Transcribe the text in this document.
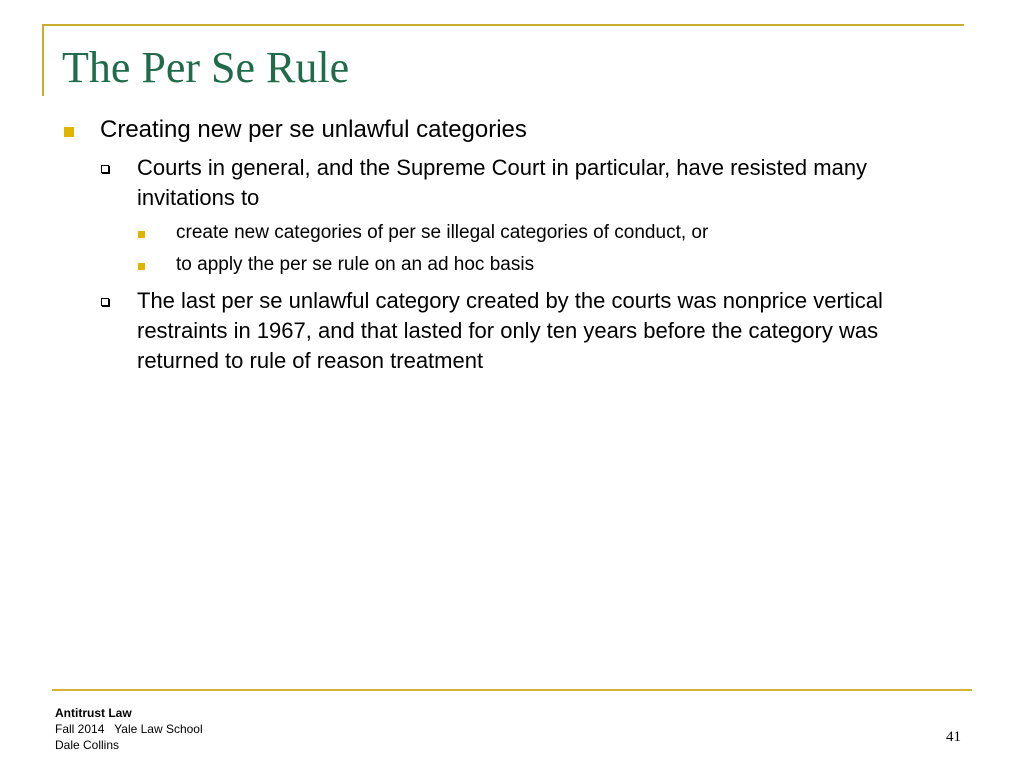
The Per Se Rule
Creating new per se unlawful categories
Courts in general, and the Supreme Court in particular, have resisted many invitations to
create new categories of per se illegal categories of conduct, or
to apply the per se rule on an ad hoc basis
The last per se unlawful category created by the courts was nonprice vertical restraints in 1967, and that lasted for only ten years before the category was returned to rule of reason treatment
Antitrust Law
Fall 2014   Yale Law School
Dale Collins	41
